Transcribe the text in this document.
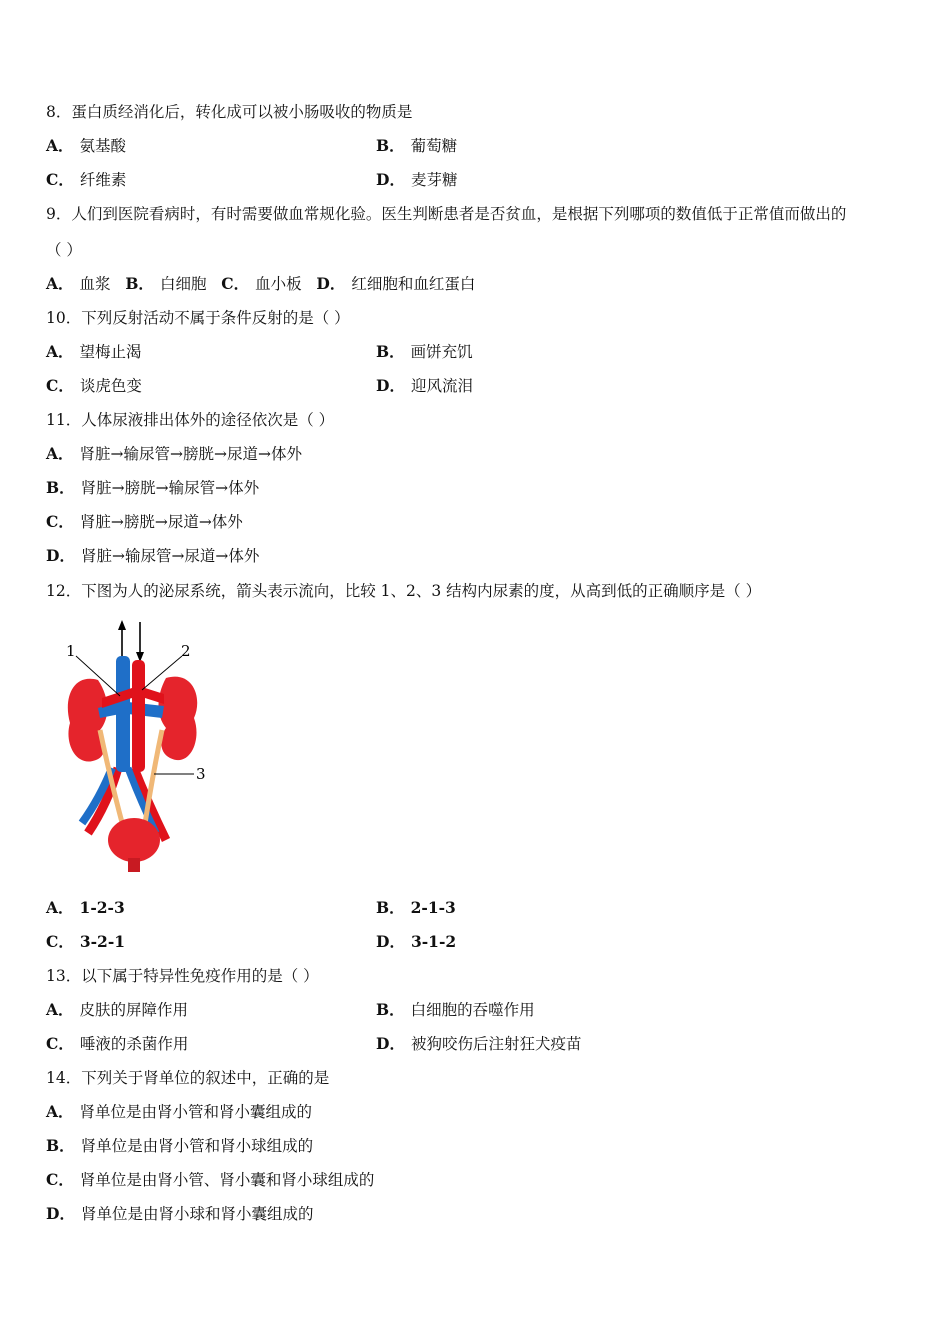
8．蛋白质经消化后，转化成可以被小肠吸收的物质是
A． 氨基酸	B． 葡萄糖
C． 纤维素	D． 麦芽糖
9．人们到医院看病时，有时需要做血常规化验。医生判断患者是否贫血，是根据下列哪项的数值低于正常值而做出的
（ ）
A． 血浆 B． 白细胞 C． 血小板 D． 红细胞和血红蛋白
10．下列反射活动不属于条件反射的是（ ）
A． 望梅止渴	B． 画饼充饥
C． 谈虎色变	D． 迎风流泪
11．人体尿液排出体外的途径依次是（ ）
A． 肾脏→输尿管→膀胱→尿道→体外
B． 肾脏→膀胱→输尿管→体外
C． 肾脏→膀胱→尿道→体外
D． 肾脏→输尿管→尿道→体外
12．下图为人的泌尿系统，箭头表示流向，比较 1、2、3 结构内尿素的度，从高到低的正确顺序是（ ）
1	2
3
A． 1-2-3	B． 2-1-3
C． 3-2-1	D． 3-1-2
13．以下属于特异性免疫作用的是（ ）
A． 皮肤的屏障作用	B． 白细胞的吞噬作用
C． 唾液的杀菌作用	D． 被狗咬伤后注射狂犬疫苗
14．下列关于肾单位的叙述中，正确的是
A． 肾单位是由肾小管和肾小囊组成的
B． 肾单位是由肾小管和肾小球组成的
C． 肾单位是由肾小管、肾小囊和肾小球组成的
D． 肾单位是由肾小球和肾小囊组成的
